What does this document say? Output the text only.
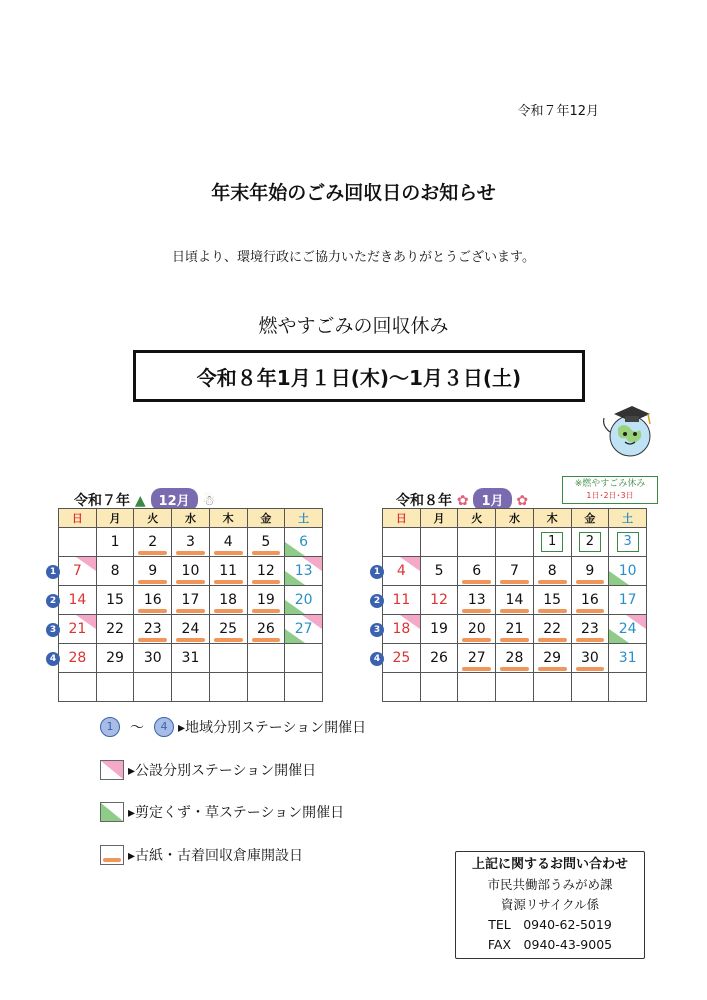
令和７年12月
年末年始のごみ回収日のお知らせ
日頃より、環境行政にご協力いただきありがとうございます。
燃やすごみの回収休み
令和８年1月１日(木)～1月３日(土)
令和７年 ▲ 12月 ☃
日	月	火	水	木	金	土
	1	2	3	4	5	6

7	8	9	10	11	12	13
14	15	16	17	18	19	20

21	22	23	24	25	26	27
28	29	30	31			

令和８年 ✿ 1月 ✿
※燃やすごみ休み
1日･2日･3日
日	月	火	水	木	金	土
				1	2	3

4	5	6	7	8	9	10
11	12	13	14	15	16	17

18	19	20	21	22	23	24
25	26	27	28	29	30	31

1	～	4 ▸地域分別ステーション開催日
▸公設分別ステーション開催日
▸剪定くず・草ステーション開催日
▸古紙・古着回収倉庫開設日
上記に関するお問い合わせ
市民共働部うみがめ課
資源リサイクル係
TEL　0940-62-5019
FAX　0940-43-9005
1
2
3
4
1
2
3
4
